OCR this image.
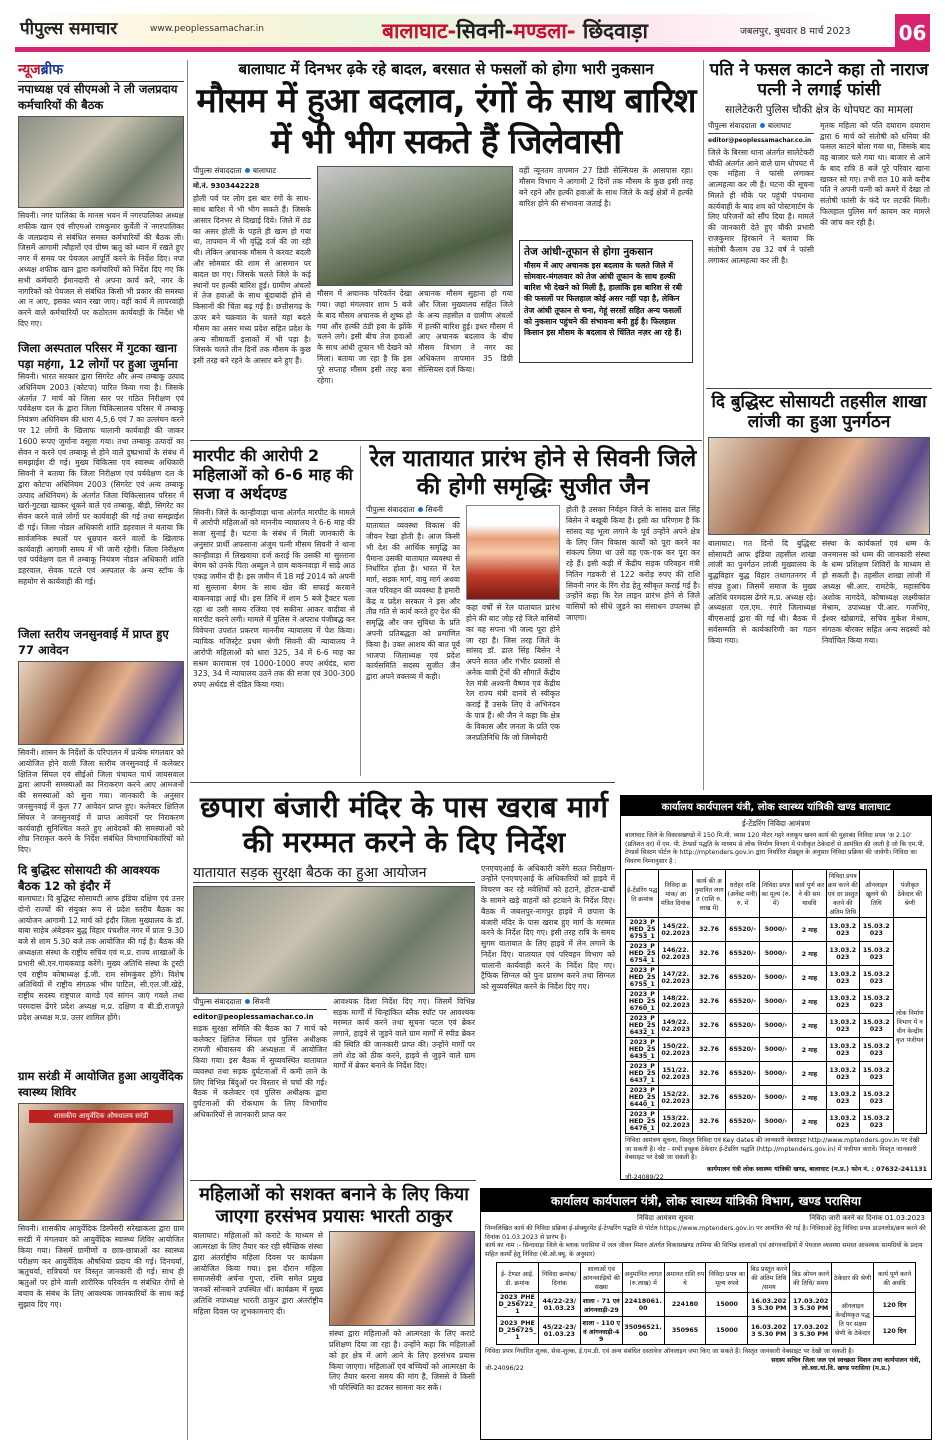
पीपुल्स समाचार	www.peoplessamachar.in	बालाघाट-सिवनी-मण्डला- छिंदवाड़ा	जबलपुर, बुधवार 8 मार्च 2023	06
न्यूजब्रीफ
नपाध्यक्ष एवं सीएमओ ने ली जलप्रदाय कर्मचारियों की बैठक
सिवनी। नगर पालिका के मानस भवन में नगरपालिका अध्यक्ष शफीक खान एवं सीएमओ रामकुमार कुर्वेती ने नगरपालिका के जलप्रदाय से संबंधित समस्त कर्मचारियों की बैठक ली। जिसमें आगामी त्यौहारों एवं ग्रीष्म ऋतु को ध्यान में रखते हुए नगर में समय पर पेयजल आपूर्ति करने के निर्देश दिए। नपा अध्यक्ष शफीक खान द्वारा कर्मचारियों को निर्देश दिए गए कि सभी कर्मचारी ईमानदारी से अपना कार्य करें, नगर के नागरिकों को पेयजल से संबंधित किसी भी प्रकार की समस्या आ न आए, इसका ध्यान रखा जाए। वहीं कार्य में लापरवाही करने वाले कर्मचारियों पर कठोरतम कार्यवाही के निर्देश भी दिए गए।
जिला अस्पताल परिसर में गुटका खाना पड़ा महंगा, 12 लोगों पर हुआ जुर्माना
सिवनी। भारत सरकार द्वारा सिगरेट और अन्य तम्बाकू उत्पाद अधिनियम 2003 (कोटपा) पारित किया गया है। जिसके अंतर्गत 7 मार्च को जिला स्तर पर गठित निरीक्षण एवं पर्यवेक्षण दल के द्वारा जिला चिकित्सालय परिसर में तम्बाकू नियंत्रण अधिनियम की धारा 4,5,6 एवं 7 का उल्लंघन करने पर 12 लोगों के खिलाफ चालानी कार्यवाही की जाकर 1600 रूपए जुर्माना वसूला गया। तथा तम्बाकू उत्पादों का सेवन न करने एवं तम्बाकू से होने वाले दुष्प्रभावों के संबंध में समझाईश दी गई। मुख्य चिकित्सा एवं स्वास्थ्य अधिकारी सिवनी ने बताया कि जिला निरीक्षण एवं पर्यवेक्षण दल के द्वारा कोटपा अधिनियम 2003 (सिगरेट एवं अन्य तम्बाकू उत्पाद अधिनियम) के अंतर्गत जिला चिकित्सालय परिसर में खर्रा-गुटखा खाकर थूकने वाले एवं तम्बाकू, बीड़ी, सिगरेट का सेवन करने वाले लोगों पर कार्यवाही की गई तथा समझाईश दी गई। जिला नोडल अधिकारी शांति डहरवाल ने बताया कि सार्वजनिक स्थलों पर धूम्रपान करने वालों के खिलाफ कार्यवाही आगामी समय में भी जारी रहेगी। जिला निरीक्षण एवं पर्यवेक्षण दल में तम्बाकू नियंत्रण नोडल अधिकारी शांति डहरवाल, सेवक पटले एवं अस्पताल के अन्य स्टॉफ के सहयोग से कार्यवाही की गई।
जिला स्तरीय जनसुनवाई में प्राप्त हुए 77 आवेदन
सिवनी। शासन के निर्देशों के परिपालन में प्रत्येक मंगलवार को आयोजित होने वाली जिला स्तरीय जनसुनवाई में कलेक्टर क्षितिज सिंघल एवं सीईओ जिला पंचायत पार्थ जायसवाल द्वारा आपनी समस्याओं का निराकरण करने आए आमजनों की समस्याओं को सुना गया। जानकारी के अनुसार जनसुनवाई में कुल 77 आवेदन प्राप्त हुए। कलेक्टर क्षितिज सिंघल ने जनसुनवाई में प्राप्त आवेदनों पर निराकरण कार्यवाही सुनिश्चित करते हुए आवेदकों की समस्याओं को शीघ्र निराकृत करने के निर्देश संबंधित विभागाधिकारियों को दिए।
दि बुद्धिस्ट सोसायटी की आवश्यक बैठक 12 को इंदौर में
बालाघाट। दि बुद्धिस्ट सोसायटी आफ इंडिया दक्षिण एवं उत्तर दोनो राज्यों की संयुक्त रूप से प्रदेश स्तरीय बैठक का आयोजन आगामी 12 मार्च को इंदौर जिला मुख्यालय के डॉ. बाबा साहेब अंबेडकर बुद्ध विहार पंचशील नगर में प्रातः 9.30 बजे से शाम 5.30 बजे तक आयोजित की गई है। बैठक की अध्यक्षता संस्था के राष्ट्रीय सचिव एवं म.प्र. राज्य शाखाओं के प्रभारी श्री.एन.गायकवाड़ करेंगे। मुख्य अतिथि संस्था के ट्रस्टी एवं राष्ट्रीय कोषाध्यक्ष ई.जी. राम सोमकुंवर होंगे। विशेष अतिथियों में राष्ट्रीय संगठक भीम पाटिल, सी.एल.जी.खेड़े, राष्ट्रीय सदस्य राष्ट्रपाल वागडे एवं सांगन जाएं गवले तथा परमदास ढेंगरे प्रदेश अध्यक्ष म.प्र. दक्षिण व बी.डी.राजपूते प्रदेश अध्यक्ष म.प्र. उत्तर शामिल होंगे।
ग्राम सरंडी में आयोजित हुआ आयुर्वेदिक स्वास्थ्य शिविर
शासकीय आयुर्वेदिक औषधालय सरंडी
सिवनी। शासकीय आयुर्वेदिक डिस्पेंसरी सरेखाकला द्वारा ग्राम सरंडी में मंगलवार को आयुर्वेदिक स्वास्थ्य शिविर आयोजित किया गया। जिसमें ग्रामीणों व छात्र-छात्राओं का स्वास्थ्य परीक्षण कर आयुर्वेदिक औषधियां प्रदाय की गई। दिनचर्या, ऋतुचर्या, रात्रिचर्या पर विस्तृत जानकारी दी गई। साथ ही ऋतुओं पर होने वाली शारीरिक परिवर्तन व संबंधित रोगों से बचाव के संबंध के लिए आवश्यक जानकारियों के साथ कई सुझाव दिए गए।
बालाघाट में दिनभर ढ़के रहे बादल, बरसात से फसलों को होगा भारी नुकसान
मौसम में हुआ बदलाव, रंगों के साथ बारिश में भी भीग सकते हैं जिलेवासी
पीपुल्स संवाददाता बालाघाट
मो.नं. 9303442228
होली पर्व पर लोग इस बार रंगों के साथ-साथ बारिश में भी भीग सकते हैं। जिसके आसार दिनभर से दिखाई दिये। जिले में ठंड का असर होली के पहले ही खत्म हो गया था, तापमान में भी वृद्धि दर्ज की जा रही थी। लेकिन अचानक मौसम ने करवट बदली और सोमवार की शाम से आसमान पर बादल छा गए। जिसके चलते जिले के कई स्थानों पर हल्की बारिश हुई। ग्रामीण अंचलों में तेज हवाओं के साथ बूंदाबांदी होने से किसानों की चिंता बढ़ गई है। छत्तीसगढ़ के ऊपर बने चक्रवात के चलते यहां बदले मौसम का असर मध्य प्रदेश सहित प्रदेश के अन्य सीमावर्ती इलाकों में भी पड़ा है। जिसके चलते तीन दिनों तक मौसम के कुछ इसी तरह बने रहने के आसार बने हुए हैं।
मौसम में अचानक परिवर्तन देखा गया। जहां मंगलवार शाम 5 बजे के बाद मौसम अचानक से शुष्क हो गया और हल्की ठंडी हवा के झोंके चलने लगे। इसी बीच तेज हवाओं के साथ आंधी तूफान भी देखने को मिला। बताया जा रहा है कि इस पूरे सप्ताह मौसम इसी तरह बना रहेगा।
अचानक मौसम सुहाना हो गया और जिला मुख्यालय सहित जिले के अन्य तहसील व ग्रामीण अंचलों में हल्की बारिश हुई। इधर मौसम में आए अचानक बदलाव के बीच मौसम विभाग ने नगर का अधिकतम तापमान 35 डिग्री सेल्सियस दर्ज किया।
वहीं न्यूनतम तापमान 27 डिग्री सेल्सियस के आसपास रहा। मौसम विभाग ने आगामी 2 दिनों तक मौसम के कुछ इसी तरह बने रहने और हल्की हवाओं के साथ जिले के कई क्षेत्रों में हल्की बारिश होने की संभावना जताई है।
तेज आंधी-तूफान से होगा नुकसान
मौसम में आए अचानक इस बदलाव के चलते जिले में सोमवार-मंगलवार को तेज आंधी तूफान के साथ हल्की बारिश भी देखने को मिली है, हालांकि इस बारिश से रबी की फसलों पर फिलहाल कोई असर नहीं पड़ा है, लेकिन तेज आंधी तूफान से चना, गेहूं सरसों सहित अन्य फसलों को नुकसान पहुंचने की संभावना बनी हुई है। फिलहाल किसान इस मौसम के बदलाव से चिंतित नज़र आ रहे हैं।
मारपीट की आरोपी 2 महिलाओं को 6-6 माह की सजा व अर्थदण्ड
सिवनी। जिले के कान्हीवाड़ा थाना अंतर्गत मारपीट के मामले में आरोपी महिलाओं को माननीय न्यायालय ने 6-6 माह की सजा सुनाई है। घटना के संबंध में मिली जानकारी के अनुसार प्रार्थी अफसाना अंजुम पत्नी मीसम सिवनी ने थाना कान्हीवाड़ा में लिखवाया दर्ज कराई कि उसकी मां सुल्ताना बेगम को उनके पिता अब्दुल ने ग्राम बाकनवाड़ा में साढ़े आठ एकड़ जमीन दी है। इस जमीन में 18 मई 2014 को अपनी मां सुल्ताना बेगम के साथ खेत की सफाई करवाने बाकनवाड़ा आई थी। इस तिथि में शाम 5 बजे ट्रैक्टर चला रहा था उसी समय रजिया एवं सकीना आकर वादीया से मारपीट करने लगी। मामले में पुलिस ने अपराध पंजीबद्ध कर विवेचना उपरांत प्रकरण माननीय न्यायालय में पेश किया। न्यायिक मजिस्ट्रेट प्रथम श्रेणी सिवनी की न्यायालय ने आरोपी महिलाओं को धारा 325, 34 में 6-6 माह का सश्रम कारावास एवं 1000-1000 रुपए अर्थदंड, धारा 323, 34 में न्यायालय उठने तक की सजा एवं 300-300 रुपए अर्थदंड से दंडित किया गया।
रेल यातायात प्रारंभ होने से सिवनी जिले की होगी समृद्धिः सुजीत जैन
पीपुल्स संवाददाता सिवनी
यातायात व्यवस्था विकास की जीवन रेखा होती है। आज किसी भी देश की आर्थिक समृद्धि का पैमाना उसकी यातायात व्यवस्था से निर्धारित होता है। भारत में रेल मार्ग, सड़क मार्ग, वायु मार्ग अथवा जल परिवहन की व्यवस्था है हमारी केंद्र व प्रदेश सरकार ने इस और तीव्र गति से कार्य करते हुए देश की समृद्धि और जन सुविधा के प्रति अपनी प्रतिबद्धता को प्रमाणित किया है। उक्त आशय की बात पूर्व भाजपा जिलाध्यक्ष एवं प्रदेश कार्यसमिति सदस्य सुजीत जैन द्वारा अपने वक्तव्य में कही।
कहा वर्षों से रेल यातायात प्रारंभ होने की बाट जोह रहे जिले वासियों का यह सपना भी जल्द पूरा होने जा रहा है। जिस तरह जिले के सांसद डॉ. ढाल सिंह बिसेन ने अपने सतत और गंभीर प्रयासों से अनेक यात्री ट्रेनों की सौगातें केंद्रीय रेल मंत्री अश्वनी वैष्णव एवं केंद्रीय रेल राज्य मंत्री दानवे से स्वीकृत कराई हैं उसके लिए वे अभिनंदन के पात्र हैं। श्री जैन ने कहा कि क्षेत्र के विकास और जनता के प्रति एक जनप्रतिनिधि कि जो जिम्मेदारी
होती है उसका निर्वहन जिले के सांसद ढाल सिंह बिसेन ने बखूबी किया है। इसी का परिणाम है कि सांसद यह भूला लगाने के पूर्व उन्होंने अपने क्षेत्र के लिए जिन विकास कार्यों को पूरा करने का संकल्प लिया था उसे वह एक-एक कर पूरा कर रहे हैं। इसी कड़ी में केंद्रीय सड़क परिवहन मंत्री नितिन गडकरी से 122 करोड़ रुपए की राशि सिवनी नगर के रिंग रोड हेतु स्वीकृत कराई गई है। उन्होंने कहा कि रेल लाइन प्रारंभ होने से जिले वासियों को सीधे जुड़ने का संसाधन उपलब्ध हो जाएगा।
छपारा बंजारी मंदिर के पास खराब मार्ग की मरम्मत करने के दिए निर्देश
यातायात सड़क सुरक्षा बैठक का हुआ आयोजन
पीपुल्स संवाददाता सिवनी
editor@peoplessamachar.co.in
सड़क सुरक्षा समिति की बैठक का 7 मार्च को कलेक्टर क्षितिज सिंघल एवं पुलिस अधीक्षक रामजी श्रीवास्तव की अध्यक्षता में आयोजित किया गया। इस बैठक में सुव्यवस्थित यातायात व्यवस्था तथा सड़क दुर्घटनाओं में कमी लाने के लिए विभिन्न बिंदुओं पर विस्तार से चर्चा की गई। बैठक में कलेक्टर एवं पुलिस अधीक्षक द्वारा दुर्घटनाओं की रोकथाम के लिए विभागीय अधिकारियों से जानकारी प्राप्त कर
आवश्यक दिशा निर्देश दिए गए। जिसमें विभिन्न सड़क मार्गों में चिन्हांकित ब्लैक स्पॉट पर आवश्यक मरम्मत कार्य करने तथा सूचना पटल एवं ब्रेकर लगाने, हाइवे से जुड़ने वाले ग्राम मार्गों में स्पीड ब्रेकर की स्थिति की जानकारी प्राप्त की। उन्होंने मार्गों पर लगे शेड को ठीक करने, हाइवे से जुड़ने वाले ग्राम मार्गों में ब्रेकर बनाने के निर्देश दिए।
एनएचएआई के अधिकारी करेंगे सतत निरीक्षण- उन्होंने एनएचएआई के अधिकारियों को हाइवे में विचरण कर रहे मवेशियों को हटाने, होटल-ढाबों के सामने खड़े वाहनों को हटवाने के निर्देश दिए। बैठक में जबलपुर-नागपुर हाइवे में छपारा के बंजारी मंदिर के पास खराब हुए मार्ग के मरम्मत करने के निर्देश दिए गए। इसी तरह रात्रि के समय सुगम यातायात के लिए हाइवे में लेन लगाने के निर्देश दिए। यातायात एवं परिवहन विभाग को चालानी कार्यवाही करने के निर्देश दिए गए। ट्रैफिक सिग्नल को पुनः प्रारम्भ करने तथा सिग्नल को सुव्यवस्थित करने के निर्देश दिए गए।
महिलाओं को सशक्त बनाने के लिए किया जाएगा हरसंभव प्रयासः भारती ठाकुर
बालाघाट। महिलाओं को कराटे के माध्यम से आत्मरक्षा के लिए तैयार कर रही स्वैच्छिक संस्था द्वारा अंतर्राष्ट्रीय महिला दिवस पर कार्यक्रम आयोजित किया गया। इस दौरान महिला समाजसेवी अर्चना गुप्ता, रश्मि समेत प्रमुख जनकों सोनबाने उपस्थित थीं। कार्यक्रम में मुख्य अतिथि नपाध्यक्ष भारती ठाकुर द्वारा अंतर्राष्ट्रीय महिला दिवस पर शुभकामनाएं दी।
संस्था द्वारा महिलाओं को आत्मरक्षा के लिए कराटे प्रशिक्षण दिया जा रहा है। उन्होंने कहा कि महिलाओं को हर क्षेत्र में आगे आने के लिए हरसंभव प्रयास किया जाएगा। महिलाओं एवं बच्चियों को आत्मरक्षा के लिए तैयार करना समय की मांग है, जिससे वे किसी भी परिस्थिति का डटकर सामना कर सकें।
पति ने फसल काटने कहा तो नाराज पत्नी ने लगाई फांसी
सालेटेकरी पुलिस चौकी क्षेत्र के धोपघट का मामला
पीपुल्स संवाददाता बालाघाट
editor@peoplessamachar.co.in
जिले के बिरसा थाना अंतर्गत सालेटेकरी चौकी अंतर्गत आने वाले ग्राम धोपघट में एक महिला ने फांसी लगाकर आत्महत्या कर ली है। घटना की सूचना मिलते ही मौके पर पहुंची पंचनामा कार्यवाही के बाद शव को पोस्टमार्टम के लिए परिजनों को सौंप दिया है। मामले की जानकारी देते हुए चौकी प्रभारी राजकुमार हिरकाने ने बताया कि संतोषी कैलाम उम्र 32 वर्ष ने फांसी लगाकर आत्महत्या कर ली है।
मृतक महिला को पति दयाराम दयाराम द्वारा 6 मार्च को संतोषी को धनिया की फसल काटने बोला गया था, जिसके बाद वह बाजार चले गया था। बाजार से आने के बाद रात्रि 8 बजे पूरे परिवार खाना खाकर सो गए। तभी रात 10 बजे करीब पति ने अपनी पत्नी को कमरे में देखा तो संतोषी फांसी के फंदे पर लटकी मिली। फिलहाल पुलिस मर्ग कायम कर मामले की जांच कर रही है।
दि बुद्धिस्ट सोसायटी तहसील शाखा लांजी का हुआ पुनर्गठन
बालाघाट। गत दिनों दि बुद्धिस्ट सोसायटी आफ इंडिया तहसील शाखा लांजी का पुनर्गठन लांजी मुख्यालय के बुद्धविहार बुद्ध विहार तथागतनगर में संपन्न हुआ। जिसमें समाज के मुख्य अतिथि परमदास ढेंगरे म.प्र. अध्यक्ष रहे। अध्यक्षता एल.एम. रंगारे जिलाध्यक्ष बीएसआई द्वारा की गई थी। बैठक में सर्वसम्मति से कार्यकारिणी का गठन किया गया।
संस्था के कार्यकर्ता एवं धम्म के जनमानस को धम्म की जानकारी संस्था के धम्म प्रशिक्षण शिविरों के माध्यम से हो सकती है। तहसील शाखा लांजी में अध्यक्ष श्री.आर. रामटेके, महासचिव अशोक नागदेवे, कोषाध्यक्ष लक्ष्मीकांत मेश्राम, उपाध्यक्ष पी.आर. गजभिए, ईश्वर खोब्रागडे, सचिव मुकेश मेश्राम, संगठक बोरकर सहित अन्य सदस्यों को निर्वाचित किया गया।
कार्यालय कार्यपालन यंत्री, लोक स्वास्थ्य यांत्रिकी खण्ड बालाघाट
ई-टेंडरिंग निविदा आमंत्रण
बालाघाट जिले के विकासखण्डो में 150 मि.मी. व्यास 120 मीटर गहरे नलकूप खनन कार्य की मुहरबंद निविदा प्रपत्र 'अ 2.10' (प्रतिशत दर) में एम. पी. टेण्डर्स पद्धति के माध्यम से लोक निर्माण विभाग में पंजीकृत ठेकेदारों से आमंत्रित की जाती है जो कि एम.पी. टेण्डर्स सिस्टम पोर्टल के http://mptenders.gov.in द्वारा निर्धारित शेड्यूल के अनुसार निविदा प्रक्रिया की जावेगी। निविदा का विवरण निम्नानुसार है :
ई-टेंडरिंग पद्धति क्रमांक	निविदा क्रमांक/ आमंत्रित दिनांक	कार्य की अनुमानित लागत (राशि रु. लाख में)	धरोहर राशि (अर्नेस्ट मनी) रु. में	निविदा प्रपत्र का मूल्य (रु. में)	कार्य पूर्ण करने की समयावधि	निविदा प्रपत्र क्रय करने की एवं दर प्रस्तुत करने की अंतिम तिथि	ऑनलाइन खुलने की तिथि	पंजीकृत ठेकेदार की श्रेणी
2023_PHED_256753_1	145/22.02.2023	32.76	65520/-	5000/-	2 माह	13.03.2023	15.03.2023	लोक निर्माण विभाग में नवीन केन्द्रीयकृत पंजीयन
2023_PHED_256754_1	146/22.02.2023	32.76	65520/-	5000/-	2 माह	13.03.2023	15.03.2023	
2023_PHED_256755_1	147/22.02.2023	32.76	65520/-	5000/-	2 माह	13.03.2023	15.03.2023	
2023_PHED_256760_1	148/22.02.2023	32.76	65520/-	5000/-	2 माह	13.03.2023	15.03.2023	
2023_PHED_256432_1	149/22.02.2023	32.76	65520/-	5000/-	2 माह	13.03.2023	15.03.2023	
2023_PHED_256435_1	150/22.02.2023	32.76	65520/-	5000/-	2 माह	13.03.2023	15.03.2023	
2023_PHED_256437_1	151/22.02.2023	32.76	65520/-	5000/-	2 माह	13.03.2023	15.03.2023	
2023_PHED_256440_1	152/22.02.2023	32.76	65520/-	5000/-	2 माह	13.03.2023	15.03.2023	
2023_PHED_256476_1	153/22.02.2023	32.76	65520/-	5000/-	2 माह	13.03.2023	15.03.2023	
निविदा आमंत्रण सूचना, विस्तृत निविदा एवं Key dates की जानकारी वेबसाइट http://www.mptenders.gov.in पर देखी जा सकती है। नोट - सभी इच्छुक ठेकेदार ई-टेंडरिंग पद्धति (http://mptenders.gov.in) में पंजीयन करावें। विस्तृत जानकारी वेबसाइट पर देखी जा सकती है।
कार्यपालन यंत्री लोक स्वास्थ्य यांत्रिकी खण्ड, बालाघाट (म.प्र.) फोन नं. : 07632-241131
जी-24089/22
कार्यालय कार्यपालन यंत्री, लोक स्वास्थ्य यांत्रिकी विभाग, खण्ड परासिया
निविदा आमंत्रण सूचना	निविदा जारी करने का दिनांक 01.03.2023
निम्नलिखित कार्य की निविदा प्रक्रिया ई-प्रोक्युरमेंट ई-टेण्डरिंग पद्धति से पोर्टल https://www.mptenders.gov.in पर आमंत्रित की गई है। निविदाओं हेतु निविदा प्रपत्र डाउनलोड/क्रय करने की दिनांक 01.03.2023 से प्रारंभ है।
कार्य का नाम :- छिन्दवाड़ा जिले के ब्लाक परासिया में जल जीवन मिशन अंतर्गत विकासखण्ड तामिया की विभिन्न शालाओं एवं आंगनवाड़ियों में पेयजल व्यवस्था समस्त आवश्यक सामग्रियों के प्रदाय सहित कार्यों हेतु निविदा (बी.ओ.क्यू. के अनुसार)
ई- टेण्डर आई.डी. क्रमांक	निविदा क्रमांक/ दिनांक	शालाओं एवं आंगनवाड़ियों की संख्या	अनुमानित लागत (रु.लाख) में	अमानत राशि रुपये	निविदा प्रपत्र का मूल्य रुपये	बिड प्रस्तुत करने की अंतिम तिथि /समय	बिड ओपन करने की तिथि/ समय	ठेकेदार की श्रेणी	कार्य पूर्ण करने की अवधि
2023_PHED_256722_1	44/22-23/ 01.03.23	शाला - 71 एवं आंगनवाड़ी-29	22418061.00	224180	15000	16.03.2023 5.30 PM	17.03.2023 5.30 PM	ऑनलाइन केन्द्रीयकृत पद्धति पर सक्षम श्रेणी के ठेकेदार	120 दिन
2023_PHED_256725_1	45/22-23/ 01.03.23	शाला - 110 एवं आंगनवाड़ी-49	35096521.00	350965	15000	16.03.2023 5.30 PM	17.03.2023 5.30 PM		120 दिन
निविदा प्रपत्र निर्धारित शुल्क, सेवा-शुल्क, ई.एम.डी. एवं अन्य संबंधित दस्तावेज ऑनलाइन जमा किए जा सकते हैं। विस्तृत जानकारी वेबसाइट पर देखी जा सकती है।
जी-24096/22
सदस्य सचिव जिला जल एवं स्वच्छता मिशन तथा कार्यपालन यंत्री, लो.स्वा.यां.वि. खण्ड परासिया (म.प्र.)
